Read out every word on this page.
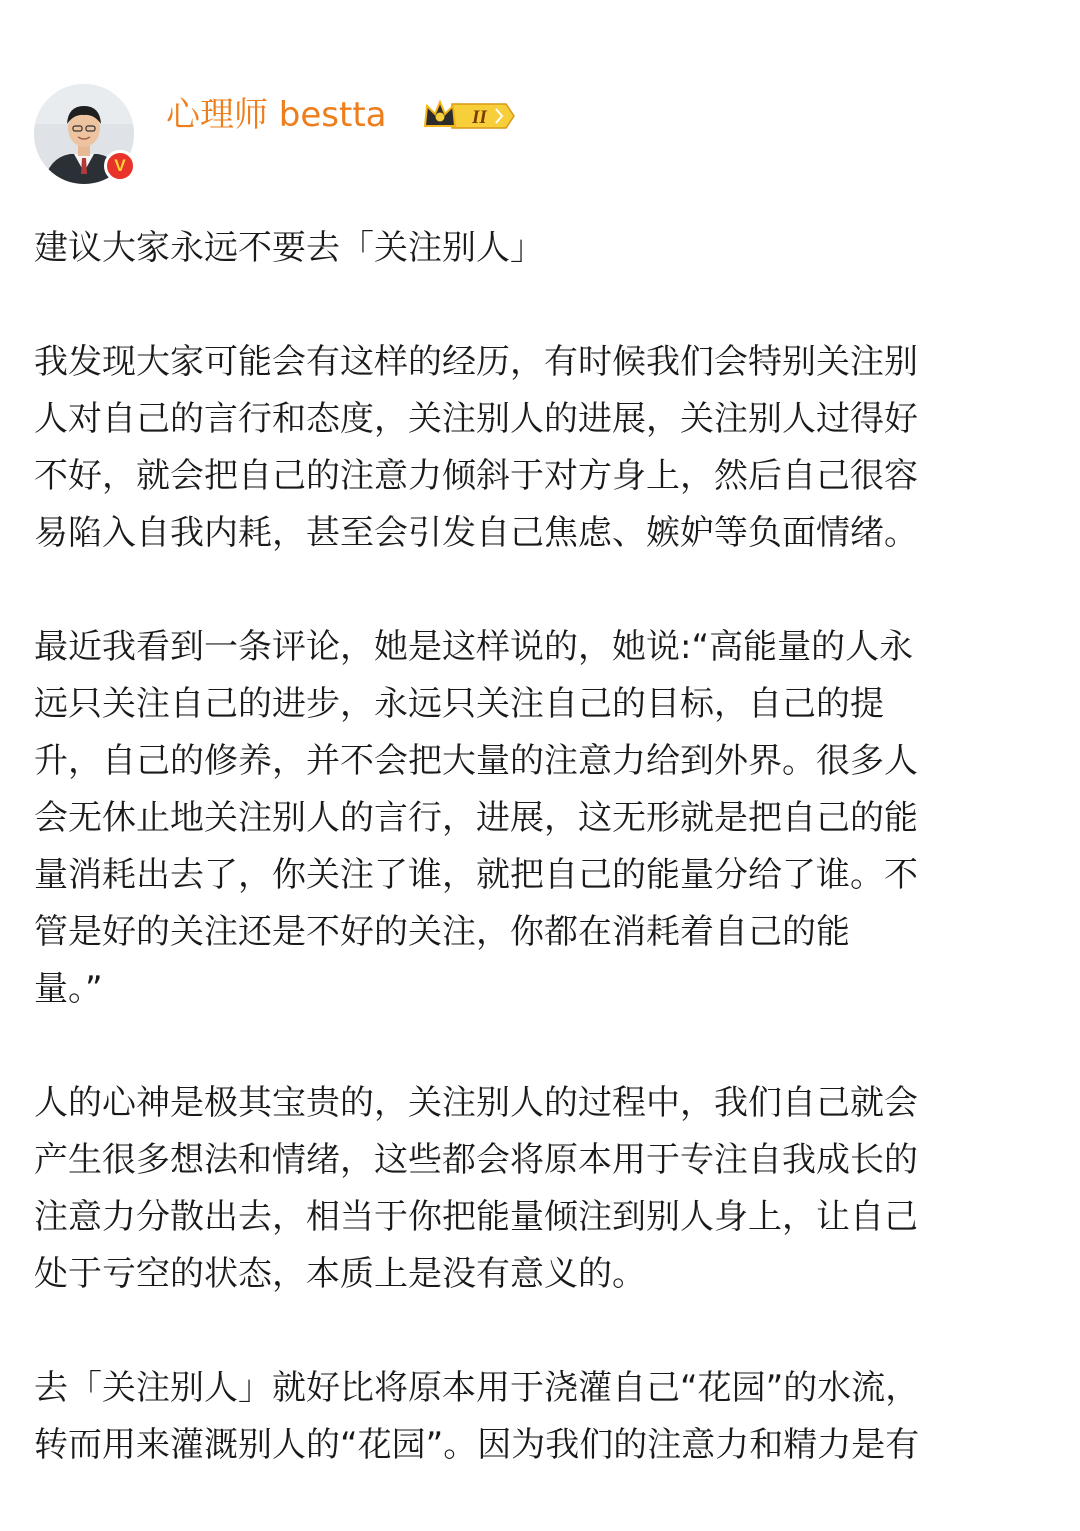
V
心理师 bestta	II

建议大家永远不要去「关注别人」

我发现大家可能会有这样的经历，有时候我们会特别关注别
人对自己的言行和态度，关注别人的进展，关注别人过得好
不好，就会把自己的注意力倾斜于对方身上，然后自己很容
易陷入自我内耗，甚至会引发自己焦虑、嫉妒等负面情绪。

最近我看到一条评论，她是这样说的，她说:“高能量的人永
远只关注自己的进步，永远只关注自己的目标，自己的提
升，自己的修养，并不会把大量的注意力给到外界。很多人
会无休止地关注别人的言行，进展，这无形就是把自己的能
量消耗出去了，你关注了谁，就把自己的能量分给了谁。不
管是好的关注还是不好的关注，你都在消耗着自己的能
量。”

人的心神是极其宝贵的，关注别人的过程中，我们自己就会
产生很多想法和情绪，这些都会将原本用于专注自我成长的
注意力分散出去，相当于你把能量倾注到别人身上，让自己
处于亏空的状态，本质上是没有意义的。

去「关注别人」就好比将原本用于浇灌自己“花园”的水流，
转而用来灌溉别人的“花园”。因为我们的注意力和精力是有
